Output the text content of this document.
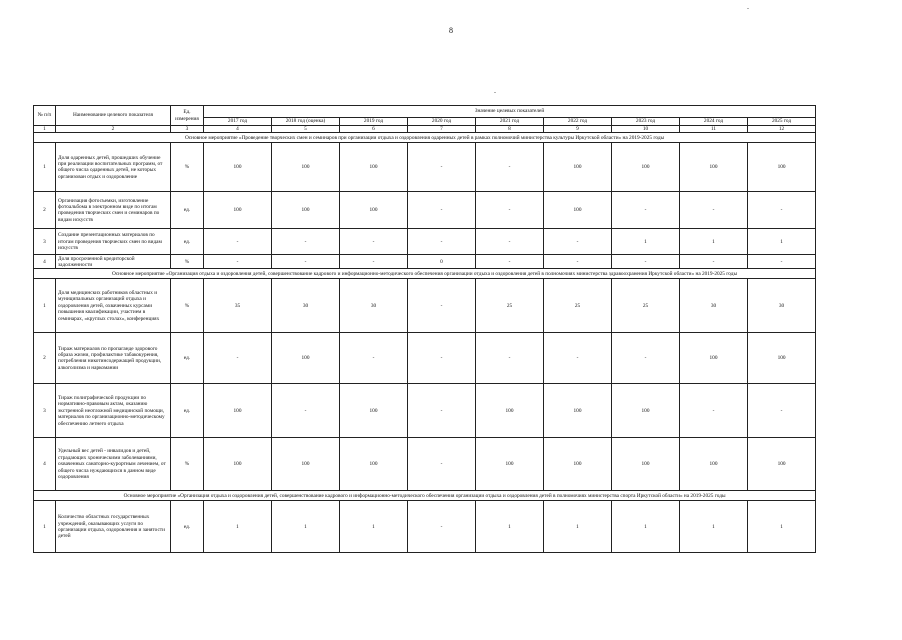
8
№ п/п	Наименование целевого показателя	Ед. измерения	Значение целевых показателей								
			2017 год	2018 год (оценка)	2019 год	2020 год	2021 год	2022 год	2023 год	2024 год	2025 год
1	2	3	4	5	6	7	8	9	10	11	12
Основное мероприятие «Проведение творческих смен и семинаров при организации отдыха и оздоровления одаренных детей в рамках полномочий министерства культуры Иркутской области» на 2019-2025 годы											
1	Доля одаренных детей, прошедших обучение при реализации воспитательных программ, от общего числа одаренных детей, не которых организован отдых и оздоровление	%	100	100	100	-	-	100	100	100	100
2	Организация фотосъемки, изготовление фотоальбома в электронном виде по итогам проведения творческих смен и семинаров по видам искусств	ед.	100	100	100	-	-	100	-	-	-
3	Создание презентационных материалов по итогам проведения творческих смен по видам искусств	ед.	-	-	-	-	-	-	1	1	1
4	Доля просроченной кредиторской задолженности	%	-	-	-	0	-	-	-	-	-
Основное мероприятие «Организация отдыха и оздоровления детей, совершенствование кадрового и информационно-методического обеспечения организации отдыха и оздоровления детей в полномочиях министерства здравоохранения Иркутской области» на 2019-2025 годы											
1	Доля медицинских работников областных и муниципальных организаций отдыха и оздоровления детей, охваченных курсами повышения квалификации, участием в семинарах, «круглых столах», конференциях	%	35	30	30	-	25	25	25	30	30
2	Тираж материалов по пропаганде здорового образа жизни, профилактике табакокурения, потребления никотинсодержащей продукции, алкоголизма и наркомании	ед.	-	100	-	-	-	-	-	100	100
3	Тираж полиграфической продукции по нормативно-правовым актам, оказанию экстренной неотложной медицинской помощи, материалов по организационно-методическому обеспечению летнего отдыха	ед.	100	-	100	-	100	100	100	-	-
4	Удельный вес детей - инвалидов и детей, страдающих хроническими заболеваниями, охваченных санаторно-курортным лечением, от общего числа нуждающихся в данном виде оздоровления	%	100	100	100	-	100	100	100	100	100
Основное мероприятие «Организация отдыха и оздоровления детей, совершенствование кадрового и информационно-методического обеспечения организации отдыха и оздоровления детей в полномочиях министерства спорта Иркутской области» на 2019-2025 годы											
1	Количество областных государственных учреждений, оказывающих услуги по организации отдыха, оздоровления и занятости детей	ед.	1	1	1	-	1	1	1	1	1
